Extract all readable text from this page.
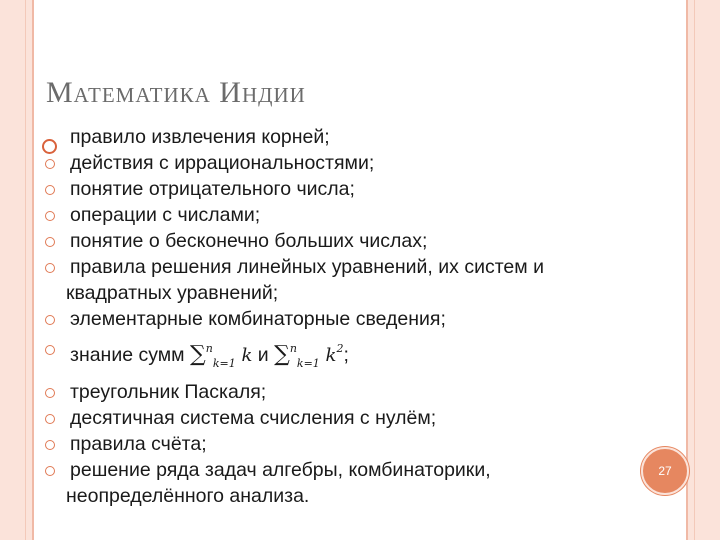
Математика Индии
правило извлечения корней;
действия с иррациональностями;
понятие отрицательного числа;
операции с числами;
понятие о бесконечно больших числах;
правила решения линейных уравнений, их систем и
квадратных уравнений;
элементарные комбинаторные сведения;
знание сумм ∑$^n_{k=1}$ k и ∑$^n_{k=1}$ $k^2$;
треугольник Паскаля;
десятичная система счисления с нулём;
правила счёта;
решение ряда задач алгебры, комбинаторики,
неопределённого анализа.
27
